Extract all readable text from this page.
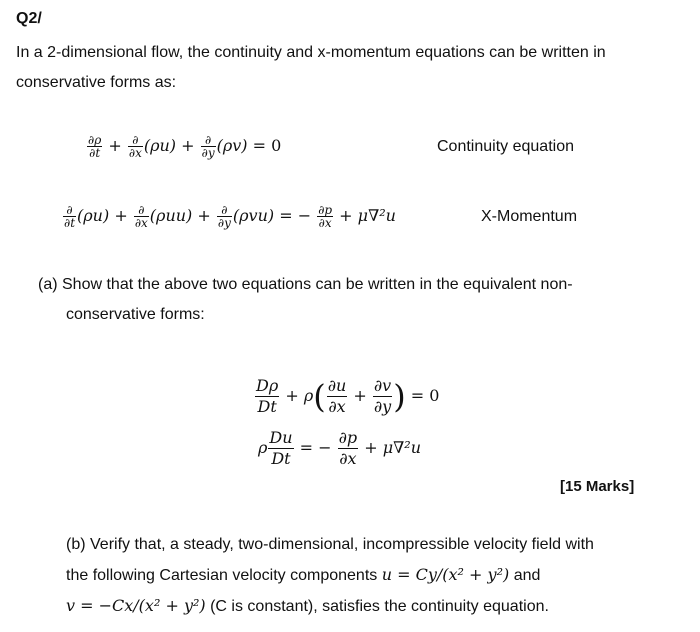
Q2/
In a 2-dimensional flow, the continuity and x-momentum equations can be written in
conservative forms as:
$\frac{\partial\rho}{\partial t} + \frac{\partial}{\partial x} (\rho u) + \frac{\partial}{\partial y} (\rho v) = 0$	Continuity equation
$\frac{\partial}{\partial t} (\rho u) + \frac{\partial}{\partial x} (\rho uu) + \frac{\partial}{\partial y} (\rho vu)$ = − $\frac{\partial p}{\partial x} + \mu\nabla^2u$	X-Momentum
(a) Show that the above two equations can be written in the equivalent non-
conservative forms:
$\frac{D\rho}{Dt} + \rho( \frac{\partial u}{\partial x} + \frac{\partial v}{\partial y}$ ) = 0
ρ $\frac{Du}{Dt}$ = − $\frac{\partial p}{\partial x} + \mu\nabla^2u$
[15 Marks]
(b) Verify that, a steady, two-dimensional, incompressible velocity field with
the following Cartesian velocity components u = Cy/(x² + y²) and
v = −Cx/(x² + y²) (C is constant), satisfies the continuity equation.
